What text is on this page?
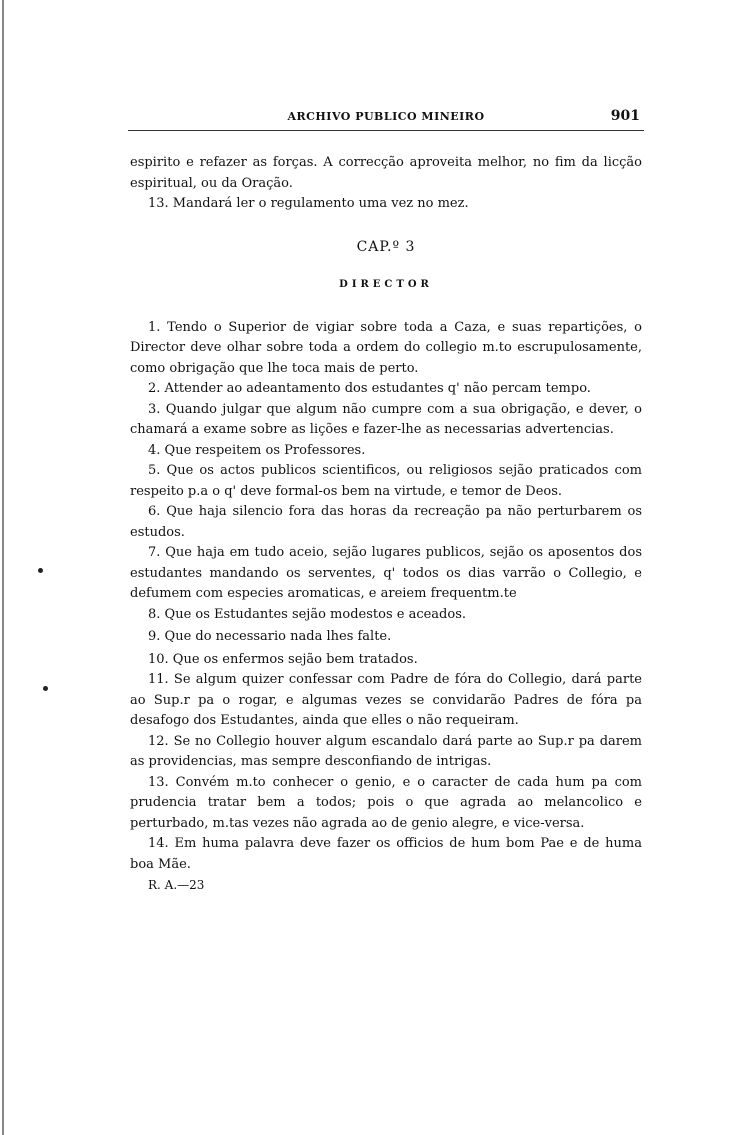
ARCHIVO PUBLICO MINEIRO	901

espirito e refazer as forças. A correcção aproveita melhor, no fim da licção espiritual, ou da Oração.

13. Mandará ler o regulamento uma vez no mez.

CAP.º 3
DIRECTOR

1. Tendo o Superior de vigiar sobre toda a Caza, e suas repartições, o Director deve olhar sobre toda a ordem do collegio m.to escrupulosamente, como obrigação que lhe toca mais de perto.

2. Attender ao adeantamento dos estudantes q' não percam tempo.

3. Quando julgar que algum não cumpre com a sua obrigação, e dever, o chamará a exame sobre as lições e fazer-lhe as necessarias advertencias.

4. Que respeitem os Professores.

5. Que os actos publicos scientificos, ou religiosos sejão praticados com respeito p.a o q' deve formal-os bem na virtude, e temor de Deos.

6. Que haja silencio fora das horas da recreação pa não perturbarem os estudos.

7. Que haja em tudo aceio, sejão lugares publicos, sejão os aposentos dos estudantes mandando os serventes, q' todos os dias varrão o Collegio, e defumem com especies aromaticas, e areiem frequentm.te

8. Que os Estudantes sejão modestos e aceados.

9. Que do necessario nada lhes falte.

10. Que os enfermos sejão bem tratados.

11. Se algum quizer confessar com Padre de fóra do Collegio, dará parte ao Sup.r pa o rogar, e algumas vezes se convidarão Padres de fóra pa desafogo dos Estudantes, ainda que elles o não requeiram.

12. Se no Collegio houver algum escandalo dará parte ao Sup.r pa darem as providencias, mas sempre desconfiando de intrigas.

13. Convém m.to conhecer o genio, e o caracter de cada hum pa com prudencia tratar bem a todos; pois o que agrada ao melancolico e perturbado, m.tas vezes não agrada ao de genio alegre, e vice-versa.

14. Em huma palavra deve fazer os officios de hum bom Pae e de huma boa Mãe.

R. A.—23
